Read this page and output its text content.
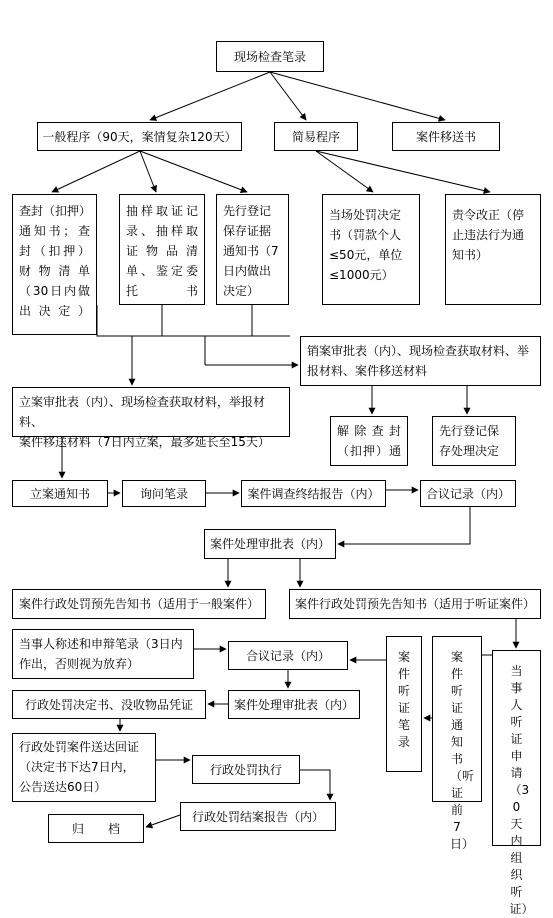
现场检查笔录
一般程序（90天，案情复杂120天）	简易程序	案件移送书
查封（扣押）
通知书；查
封（扣押）
财物清单
（30日内做
出决定）
抽样取证记
录、抽样取
证物品清
单、鉴定委
托书
先行登记
保存证据
通知书（7
日内做出
决定）
当场处罚决定
书（罚款个人
≤50元，单位
≤1000元）
责令改正（停
止违法行为通
知书）
销案审批表（内）、现场检查获取材料、举
报材料、案件移送材料
立案审批表（内）、现场检查获取材料，举报材料、
案件移送材料（7日内立案，最多延长至15天）
解除查封
（扣押）通
先行登记保
存处理决定
立案通知书	询问笔录	案件调查终结报告（内）	合议记录（内）
案件处理审批表（内）
案件行政处罚预先告知书（适用于一般案件）	案件行政处罚预先告知书（适用于听证案件）
当事人称述和申辩笔录（3日内
作出，否则视为放弃）
合议记录（内）	案件听证笔录
案件听证通知书（听证前7日）
当事人听证申请（30天内组织听证）
行政处罚决定书、没收物品凭证	案件处理审批表（内）
行政处罚案件送达回证
（决定书下达7日内，
公告送达60日）
行政处罚执行
行政处罚结案报告（内）
归　　档
